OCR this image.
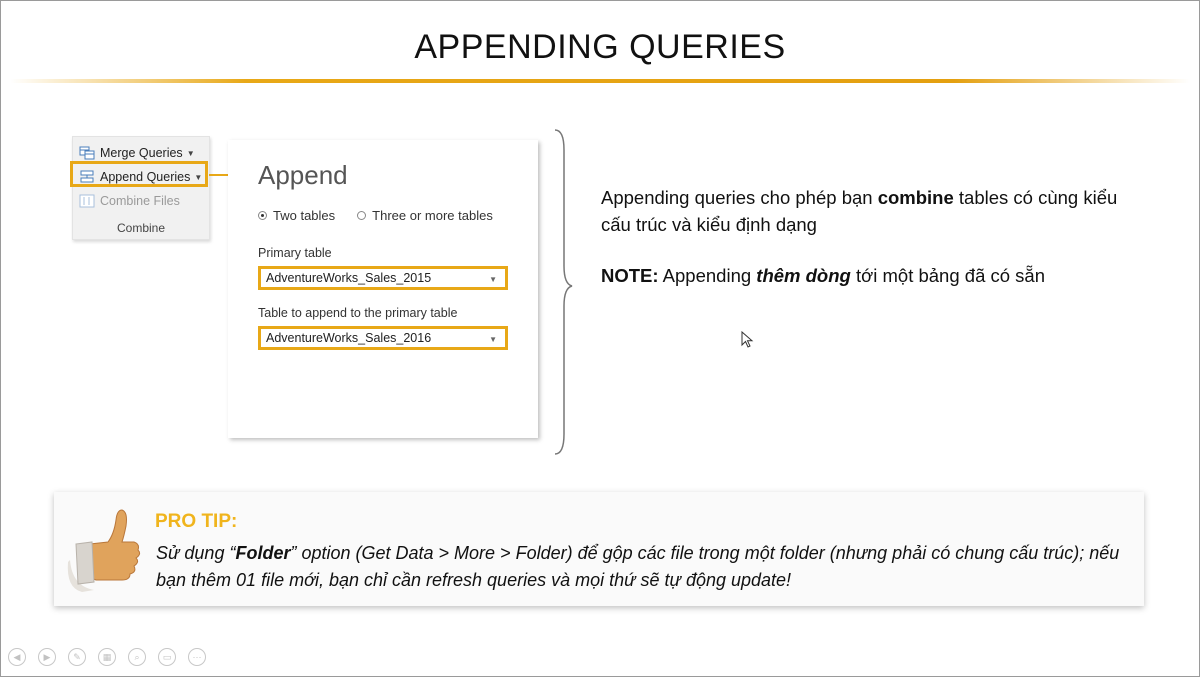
APPENDING QUERIES
Merge Queries ▼
Append Queries ▼
Combine Files
Combine
Append
Two tables	Three or more tables
Primary table
AdventureWorks_Sales_2015	▼
Table to append to the primary table
AdventureWorks_Sales_2016	▼
Appending queries cho phép bạn combine tables có cùng kiểu cấu trúc và kiểu định dạng
NOTE: Appending thêm dòng tới một bảng đã có sẵn
PRO TIP:
Sử dụng “Folder” option (Get Data > More > Folder) để gộp các file trong một folder (nhưng phải có chung cấu trúc); nếu bạn thêm 01 file mới, bạn chỉ cần refresh queries và mọi thứ sẽ tự động update!
◀	▶	✎	▦	⌕	▭	···
